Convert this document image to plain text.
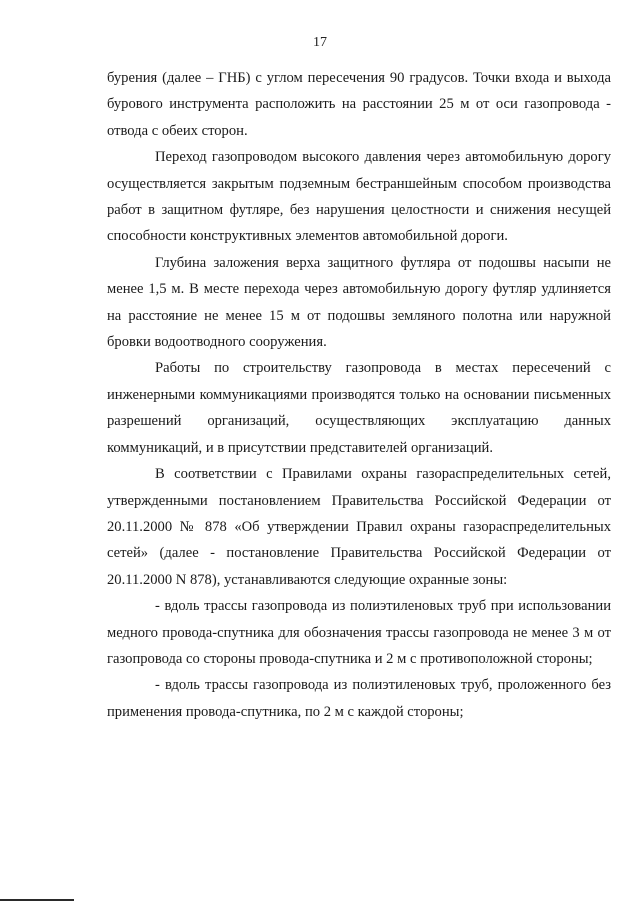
17

бурения (далее – ГНБ) с углом пересечения 90 градусов. Точки входа и выхода бурового инструмента расположить на расстоянии 25 м от оси газопровода - отвода с обеих сторон.

Переход газопроводом высокого давления через автомобильную дорогу осуществляется закрытым подземным бестраншейным способом производства работ в защитном футляре, без нарушения целостности и снижения несущей способности конструктивных элементов автомобильной дороги.

Глубина заложения верха защитного футляра от подошвы насыпи не менее 1,5 м. В месте перехода через автомобильную дорогу футляр удлиняется на расстояние не менее 15 м от подошвы земляного полотна или наружной бровки водоотводного сооружения.

Работы по строительству газопровода в местах пересечений с инженерными коммуникациями производятся только на основании письменных разрешений организаций, осуществляющих эксплуатацию данных коммуникаций, и в присутствии представителей организаций.

В соответствии с Правилами охраны газораспределительных сетей, утвержденными постановлением Правительства Российской Федерации от 20.11.2000 № 878 «Об утверждении Правил охраны газораспределительных сетей» (далее - постановление Правительства Российской Федерации от 20.11.2000 N 878), устанавливаются следующие охранные зоны:

- вдоль трассы газопровода из полиэтиленовых труб при использовании медного провода-спутника для обозначения трассы газопровода не менее 3 м от газопровода со стороны провода-спутника и 2 м с противоположной стороны;

- вдоль трассы газопровода из полиэтиленовых труб, проложенного без применения провода-спутника, по 2 м с каждой стороны;
